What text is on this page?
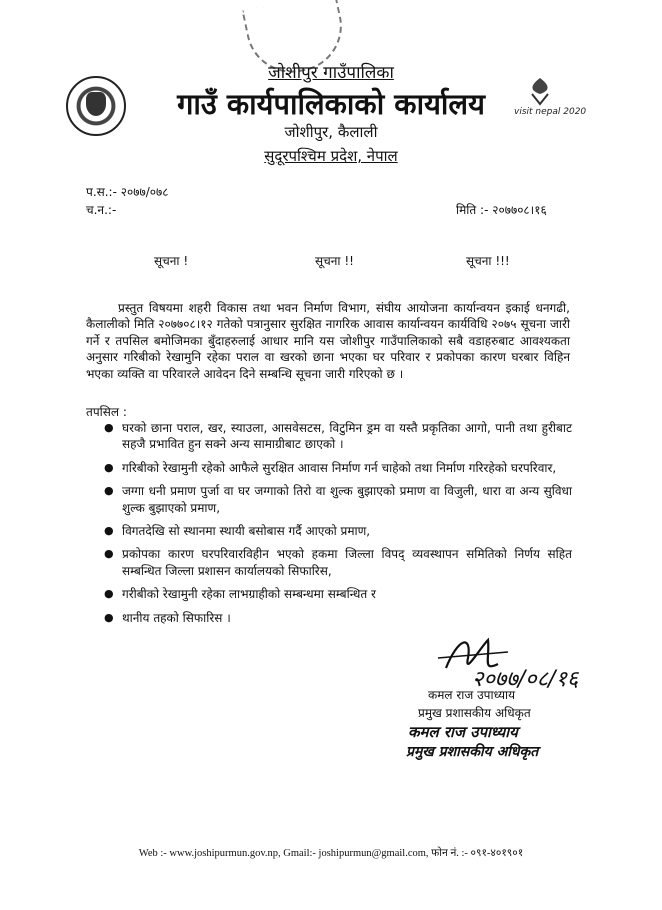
visit nepal 2020
जोशीपुर गाउँपालिका
गाउँ कार्यपालिकाको कार्यालय
जोशीपुर, कैलाली
सुदूरपश्चिम प्रदेश, नेपाल
प.स.:- २०७७/०७८
च.न.:-	मिति :- २०७७०८।१६
सूचना !	सूचना !!	सूचना !!!

प्रस्तुत विषयमा शहरी विकास तथा भवन निर्माण विभाग, संघीय आयोजना कार्यान्वयन इकाई धनगढी, कैलालीको मिति २०७७०८।१२ गतेको पत्रानुसार सुरक्षित नागरिक आवास कार्यान्वयन कार्यविधि २०७५ सूचना जारी गर्ने र तपसिल बमोजिमका बुँदाहरुलाई आधार मानि यस जोशीपुर गाउँपालिकाको सबै वडाहरुबाट आवश्यकता अनुसार गरिबीको रेखामुनि रहेका पराल वा खरको छाना भएका घर परिवार र प्रकोपका कारण घरबार विहिन भएका व्यक्ति वा परिवारले आवेदन दिने सम्बन्धि सूचना जारी गरिएको छ ।

तपसिल :
● घरको छाना पराल, खर, स्याउला, आसवेसटस, विटुमिन ड्रम वा यस्तै प्रकृतिका आगो, पानी तथा हुरीबाट सहजै प्रभावित हुन सक्ने अन्य सामाग्रीबाट छाएको ।
● गरिबीको रेखामुनी रहेको आफैले सुरक्षित आवास निर्माण गर्न चाहेको तथा निर्माण गरिरहेको घरपरिवार,
● जग्गा धनी प्रमाण पुर्जा वा घर जग्गाको तिरो वा शुल्क बुझाएको प्रमाण वा विजुली, धारा वा अन्य सुविधा शुल्क बुझाएको प्रमाण,
● विगतदेखि सो स्थानमा स्थायी बसोबास गर्दै आएको प्रमाण,
● प्रकोपका कारण घरपरिवारविहीन भएको हकमा जिल्ला विपद् व्यवस्थापन समितिको निर्णय सहित सम्बन्धित जिल्ला प्रशासन कार्यालयको सिफारिस,
● गरीबीको रेखामुनी रहेका लाभग्राहीको सम्बन्धमा सम्बन्धित र
● थानीय तहको सिफारिस ।
२०७७/०८/१६
कमल राज उपाध्याय
प्रमुख प्रशासकीय अधिकृत
कमल राज उपाध्याय
प्रमुख प्रशासकीय अधिकृत
Web :- www.joshipurmun.gov.np, Gmail:- joshipurmun@gmail.com, फोन नं. :- ०९१-४०१९०१
